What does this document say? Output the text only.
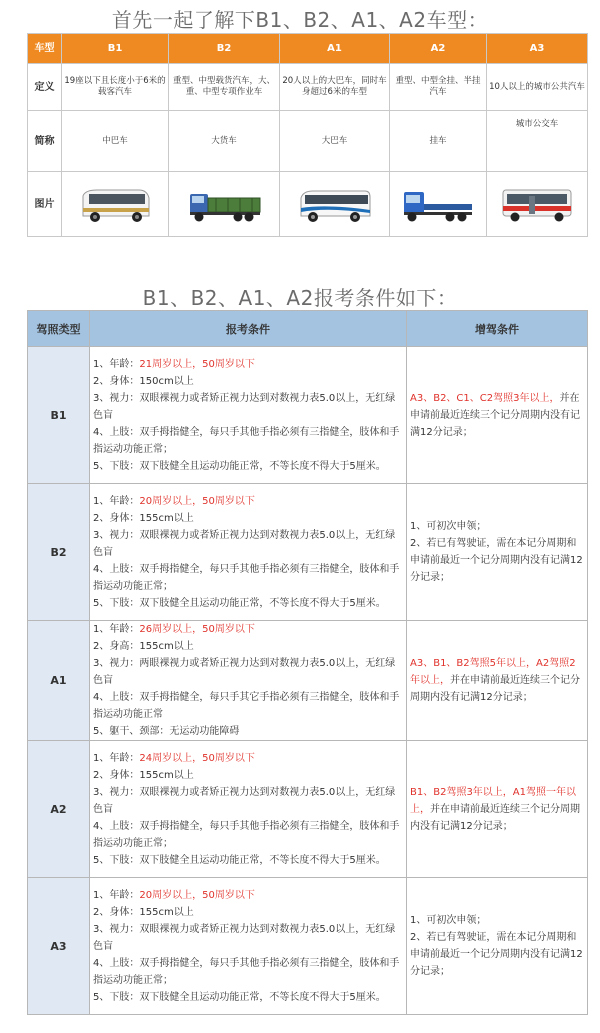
首先一起了解下B1、B2、A1、A2车型：
车型	B1	B2	A1	A2	A3
定义	19座以下且长度小于6米的载客汽车	重型、中型载货汽车，大、重、中型专项作业车	20人以上的大巴车，同时车身超过6米的车型	重型、中型全挂、半挂汽车	10人以上的城市公共汽车
简称	中巴车	大货车	大巴车	挂车	城市公交车
图片	

B1、B2、A1、A2报考条件如下：
驾照类型	报考条件	增驾条件
B1	1、年龄：21周岁以上，50周岁以下
2、身体：150cm以上
3、视力：双眼裸视力或者矫正视力达到对数视力表5.0以上，无红绿色盲
4、上肢：双手拇指健全，每只手其他手指必须有三指健全，肢体和手指运动功能正常；
5、下肢：双下肢健全且运动功能正常，不等长度不得大于5厘米。	A3、B2、C1、C2驾照3年以上，并在申请前最近连续三个记分周期内没有记满12分记录；
B2	1、年龄：20周岁以上，50周岁以下
2、身体：155cm以上
3、视力：双眼裸视力或者矫正视力达到对数视力表5.0以上，无红绿色盲
4、上肢：双手拇指健全，每只手其他手指必须有三指健全，肢体和手指运动功能正常；
5、下肢：双下肢健全且运动功能正常，不等长度不得大于5厘米。	1、可初次申领；
2、若已有驾驶证，需在本记分周期和申请前最近一个记分周期内没有记满12分记录；
A1	1、年龄：26周岁以上，50周岁以下
2、身高：155cm以上
3、视力：两眼裸视力或者矫正视力达到对数视力表5.0以上，无红绿色盲
4、上肢：双手拇指健全，每只手其它手指必须有三指健全，肢体和手指运动功能正常
5、躯干、颈部：无运动功能障碍	A3、B1、B2驾照5年以上，A2驾照2年以上，并在申请前最近连续三个记分周期内没有记满12分记录；
A2	1、年龄：24周岁以上，50周岁以下
2、身体：155cm以上
3、视力：双眼裸视力或者矫正视力达到对数视力表5.0以上，无红绿色盲
4、上肢：双手拇指健全，每只手其他手指必须有三指健全，肢体和手指运动功能正常；
5、下肢：双下肢健全且运动功能正常，不等长度不得大于5厘米。	B1、B2驾照3年以上，A1驾照一年以上，并在申请前最近连续三个记分周期内没有记满12分记录；
A3	1、年龄：20周岁以上，50周岁以下
2、身体：155cm以上
3、视力：双眼裸视力或者矫正视力达到对数视力表5.0以上，无红绿色盲
4、上肢：双手拇指健全，每只手其他手指必须有三指健全，肢体和手指运动功能正常；
5、下肢：双下肢健全且运动功能正常，不等长度不得大于5厘米。	1、可初次申领；
2、若已有驾驶证，需在本记分周期和申请前最近一个记分周期内没有记满12分记录；
